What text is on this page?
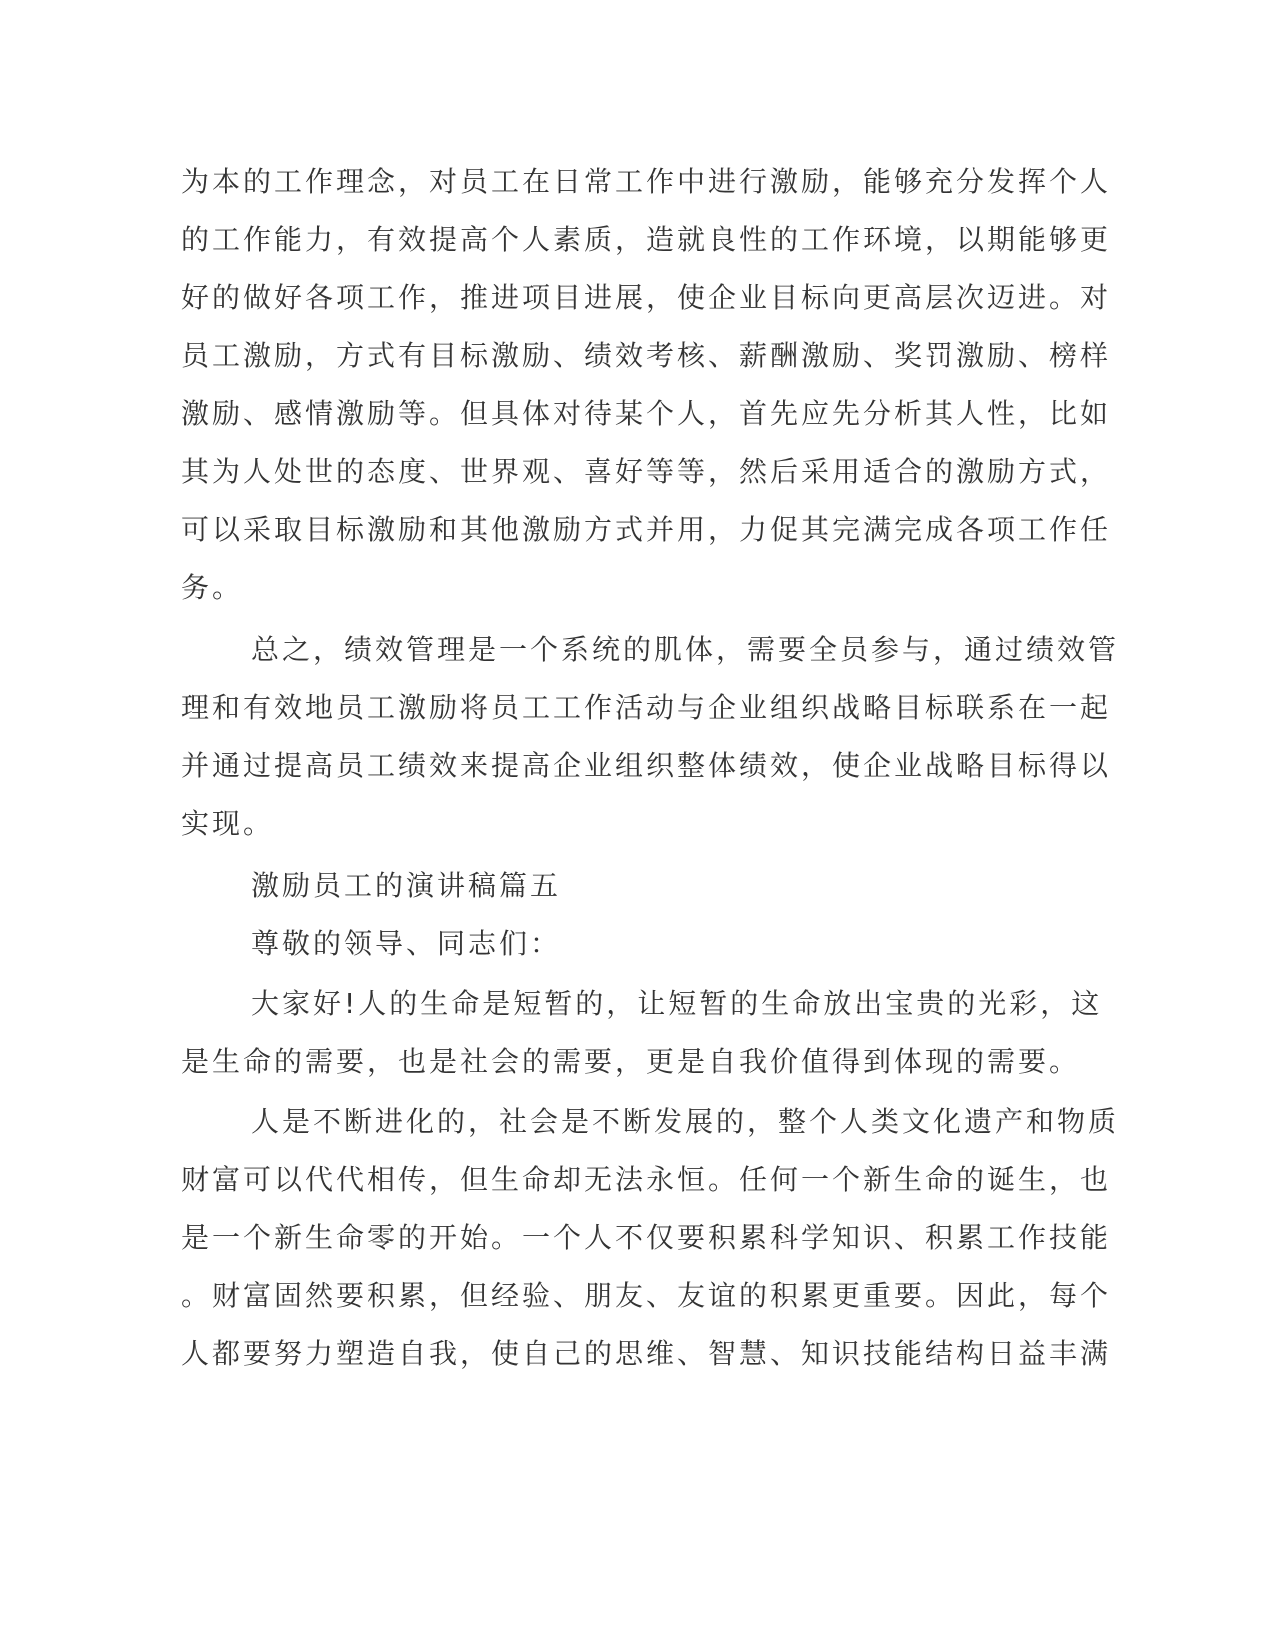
为本的工作理念，对员工在日常工作中进行激励，能够充分发挥个人
的工作能力，有效提高个人素质，造就良性的工作环境，以期能够更
好的做好各项工作，推进项目进展，使企业目标向更高层次迈进。对
员工激励，方式有目标激励、绩效考核、薪酬激励、奖罚激励、榜样
激励、感情激励等。但具体对待某个人，首先应先分析其人性，比如
其为人处世的态度、世界观、喜好等等，然后采用适合的激励方式，
可以采取目标激励和其他激励方式并用，力促其完满完成各项工作任
务。
总之，绩效管理是一个系统的肌体，需要全员参与，通过绩效管
理和有效地员工激励将员工工作活动与企业组织战略目标联系在一起
并通过提高员工绩效来提高企业组织整体绩效，使企业战略目标得以
实现。
激励员工的演讲稿篇五
尊敬的领导、同志们：
大家好!人的生命是短暂的，让短暂的生命放出宝贵的光彩，这
是生命的需要，也是社会的需要，更是自我价值得到体现的需要。
人是不断进化的，社会是不断发展的，整个人类文化遗产和物质
财富可以代代相传，但生命却无法永恒。任何一个新生命的诞生，也
是一个新生命零的开始。一个人不仅要积累科学知识、积累工作技能
。财富固然要积累，但经验、朋友、友谊的积累更重要。因此，每个
人都要努力塑造自我，使自己的思维、智慧、知识技能结构日益丰满
